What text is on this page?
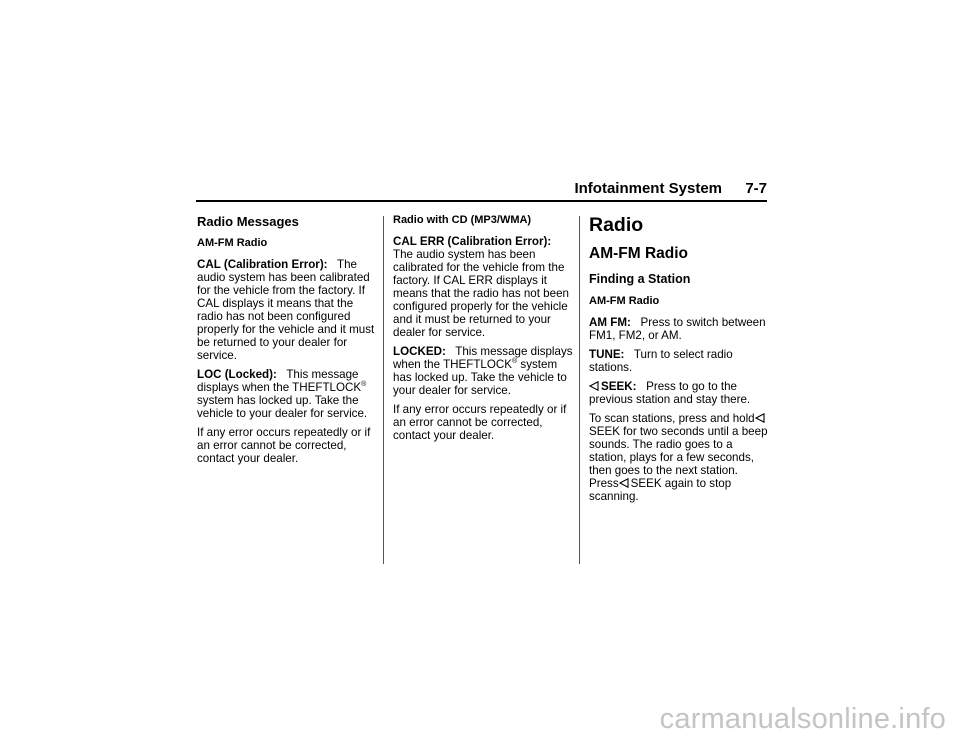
Infotainment System 7-7
Radio Messages
AM-FM Radio

CAL (Calibration Error): The audio system has been calibrated for the vehicle from the factory. If CAL displays it means that the radio has not been configured properly for the vehicle and it must be returned to your dealer for service.

LOC (Locked): This message displays when the THEFTLOCK® system has locked up. Take the vehicle to your dealer for service.

If any error occurs repeatedly or if an error cannot be corrected, contact your dealer.

Radio with CD (MP3/WMA)

CAL ERR (Calibration Error):   The audio system has been calibrated for the vehicle from the factory. If CAL ERR displays it means that the radio has not been configured properly for the vehicle and it must be returned to your dealer for service.

LOCKED: This message displays when the THEFTLOCK® system has locked up. Take the vehicle to your dealer for service.

If any error occurs repeatedly or if an error cannot be corrected, contact your dealer.

Radio
AM-FM Radio
Finding a Station
AM-FM Radio

AM FM: Press to switch between FM1, FM2, or AM.

TUNE: Turn to select radio stations.

SEEK: Press to go to the previous station and stay there.

To scan stations, press and holdSEEK for two seconds until a beep sounds. The radio goes to a station, plays for a few seconds, then goes to the next station. Press SEEK again to stop scanning.

carmanualsonline.info
